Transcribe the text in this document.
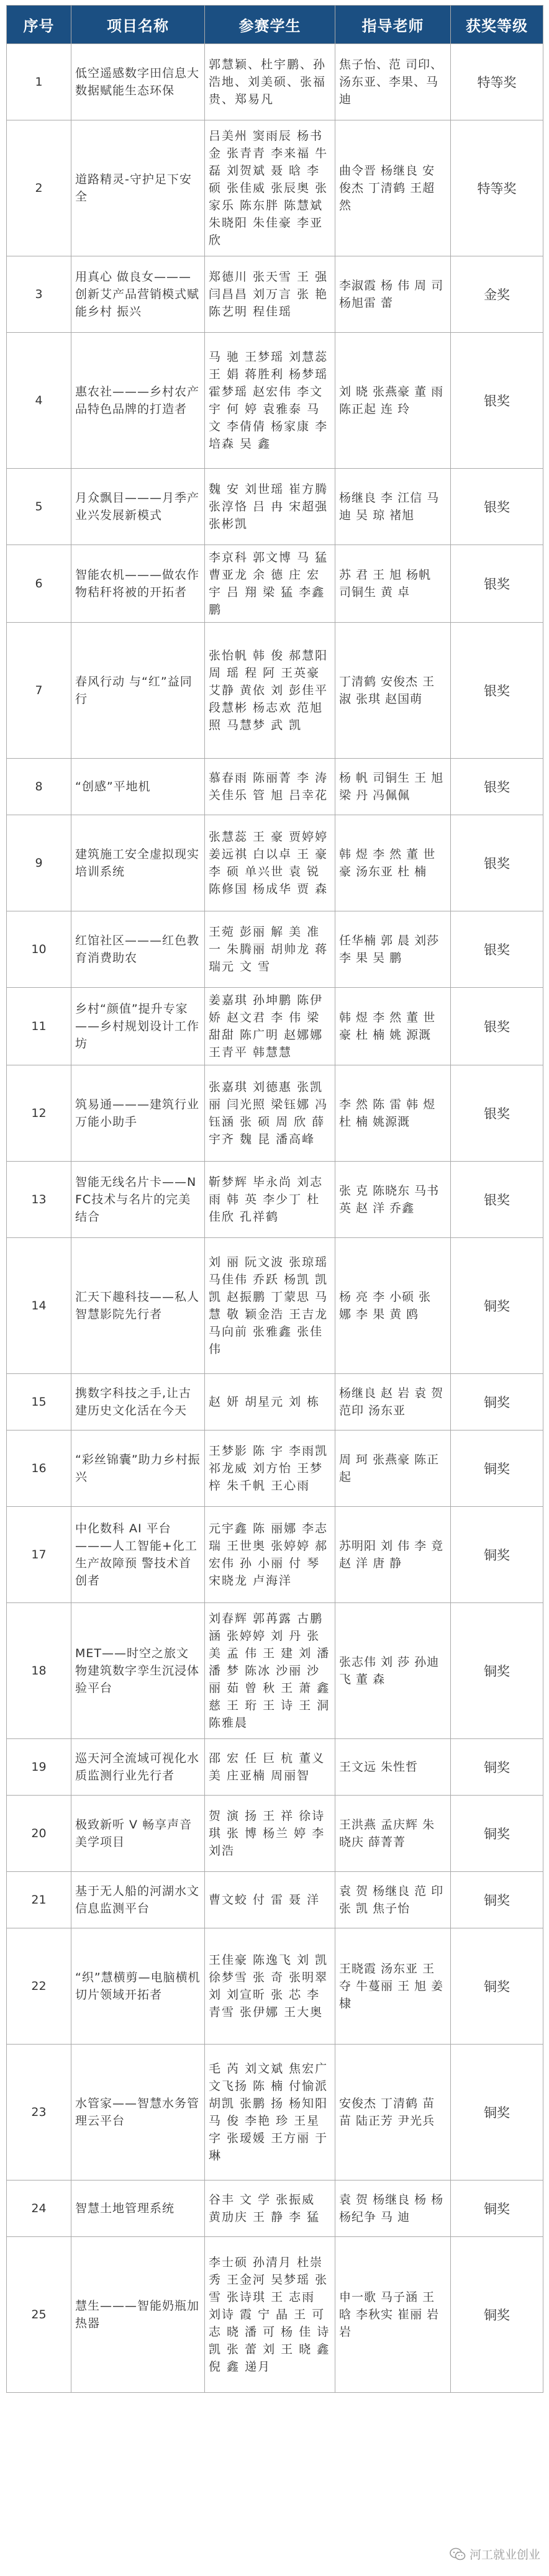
序号	项目名称	参赛学生	指导老师	获奖等级
1	低空遥感数字田信息大数据赋能生态环保	郭慧颖、杜宇鹏、孙浩地、刘美硕、张福贵、郑易凡	焦子怡、范 司印、汤东亚、李果、马迪	特等奖
2	道路精灵-守护足下安全	吕美州 窦雨辰 杨书金 张青青 李来福 牛 磊 刘贺斌 聂 晗 李 硕 张佳威 张辰奥 张家乐 陈东胖 陈慧斌 朱晓阳 朱佳豪 李亚欣	曲令晋 杨继良 安俊杰 丁清鹤 王超然	特等奖
3	用真心 做良女———创新艾产品营销模式赋能乡村 振兴	郑德川 张天雪 王 强 闫昌昌 刘万言 张 艳 陈艺明 程佳瑶	李淑霞 杨 伟 周 司 杨旭雷 蕾	金奖
4	惠农社———乡村农产品特色品牌的打造者	马 驰 王梦瑶 刘慧蕊 王 娟 蒋胜利 杨梦瑶 霍梦瑶 赵宏伟 李文宇 何 婷 袁雅泰 马 文 李倩倩 杨家康 李培森 吴 鑫	刘 晓 张燕豪 董 雨 陈正起 连 玲	银奖
5	月众飘目———月季产业兴发展新模式	魏 安 刘世瑶 崔方腾 张淳恪 吕 冉 宋超强 张彬凯	杨继良 李 江信 马 迪 吴 琼 褚旭	银奖
6	智能农机———做农作物秸秆将被的开拓者	李京科 郭文博 马 猛 曹亚龙 余 德 庄 宏宇 吕 翔 梁 猛 李鑫鹏	苏 君 王 旭 杨帆 司铜生 黄 卓	银奖
7	春风行动 与“红”益同行	张怡帆 韩 俊 郝慧阳 周 瑶 程 阿 王英豪 艾静 黄依 刘 彭佳平 段慧彬 杨志欢 范旭 照 马慧梦 武 凯	丁清鹤 安俊杰 王淑 张琪 赵国萌	银奖
8	“创感”平地机	慕春雨 陈丽菁 李 涛 关佳乐 管 旭 吕幸花	杨 帆 司铜生 王 旭 梁 丹 冯佩佩	银奖
9	建筑施工安全虚拟现实培训系统	张慧蕊 王 豪 贾婷婷 姜远祺 白以卓 王 豪 李 硕 单兴世 袁 锐 陈修国 杨成华 贾 森	韩 煜 李 然 董 世豪 汤东亚 杜 楠	银奖
10	红馆社区———红色教育消费助农	王菀 彭丽 解 美 准一 朱腾丽 胡帅龙 蒋瑞元 文 雪	任华楠 郭 晨 刘莎 李 果 吴 鹏	银奖
11	乡村“颜值”提升专家——乡村规划设计工作坊	姜嘉琪 孙坤鹏 陈伊娇 赵文君 李 伟 梁甜甜 陈广明 赵娜娜 王青平 韩慧慧	韩 煜 李 然 董 世 豪 杜 楠 姚 源溉	银奖
12	筑易通———建筑行业万能小助手	张嘉琪 刘德惠 张凯丽 闫光照 梁钰娜 冯钰涵 张 硕 周 欣 薛 宇齐 魏 昆 潘高峰	李 然 陈 雷 韩 煜 杜 楠 姚源溉	银奖
13	智能无线名片卡——NFC技术与名片的完美结合	靳梦辉 毕永尚 刘志雨 韩 英 李少丁 杜佳欣 孔祥鹤	张 克 陈晓东 马书英 赵 洋 乔鑫	银奖
14	汇天下趣科技——私人智慧影院先行者	刘 丽 阮文波 张琼瑶 马佳伟 乔跃 杨凯 凯凯 赵振鹏 丁蒙思 马慧 敬 颖金浩 王吉龙 马向前 张雅鑫 张佳伟	杨 亮 李 小硕 张 娜 李 果 黄 鸥	铜奖
15	携数字科技之手,让古建历史文化活在今天	赵 妍 胡星元 刘 栋	杨继良 赵 岩 袁 贺 范印 汤东亚	铜奖
16	“彩丝锦囊”助力乡村振兴	王梦影 陈 宇 李雨凯 祁龙威 刘方怡 王梦梓 朱千帆 王心雨	周 珂 张燕豪 陈正起	铜奖
17	中化数科 AI 平台———人工智能+化工生产故障预 警技术首创者	元宇鑫 陈 丽娜 李志瑞 王世奥 张婷婷 郝宏伟 孙 小丽 付 琴 宋晓龙 卢海洋	苏明阳 刘 伟 李 竟 赵 洋 唐 静	铜奖
18	MET——时空之旅文物建筑数字孪生沉浸体验平台	刘春辉 郭苒露 古鹏涵 张婷婷 刘 丹 张 美 孟 伟 王 建 刘 潘 潘 梦 陈冰 沙丽 沙丽 茹 曾 秋 王 萧 鑫 慈 王 珩 王 诗 王 洞 陈雅晨	张志伟 刘 莎 孙迪飞 董 森	铜奖
19	巡天河全流域可视化水质监测行业先行者	邵 宏 任 巨 杭 董义美 庄亚楠 周丽智	王文远 朱性哲	铜奖
20	极致新听 V 畅享声音美学项目	贺 演 扬 王 祥 徐诗琪 张 博 杨兰 婷 李 刘浩	王洪燕 孟庆辉 朱晓庆 薛菁菁	铜奖
21	基于无人船的河湖水文信息监测平台	曹文蛟 付 雷 聂 洋	袁 贺 杨继良 范 印 张 凯 焦子怡	铜奖
22	“织”慧横剪—电脑横机切片领域开拓者	王佳豪 陈逸飞 刘 凯 徐梦雪 张 奇 张明翠 刘 刘宣昕 张 芯 李青雪 张伊娜 王大奥	王晓霞 汤东亚 王 夺 牛蔓丽 王 旭 姜 棣	铜奖
23	水管家——智慧水务管理云平台	毛 芮 刘文斌 焦宏广 文飞扬 陈 楠 付愉派 胡凯 张鹏 扬 杨知阳 马 俊 李艳 珍 王星字 张瑷媛 王方丽 于 琳	安俊杰 丁清鹤 苗苗 陆正芳 尹光兵	铜奖
24	智慧土地管理系统	谷丰 文 学 张振威 黄劢庆 王 静 李 猛	袁 贺 杨继良 杨 杨 杨纪争 马 迪	铜奖
25	慧生———智能奶瓶加热器	李士硕 孙清月 杜崇秀 王金河 吴梦瑶 张 雪 张诗琪 王 志雨 刘诗 霞 宁 晶 王 可 志 晓 潘 可 杨 佳 诗凯 张 蕾 刘 王 晓 鑫 倪 鑫 递月	申一歌 马子涵 王 晗 李秋实 崔丽 岩岩	铜奖
河工就业创业
